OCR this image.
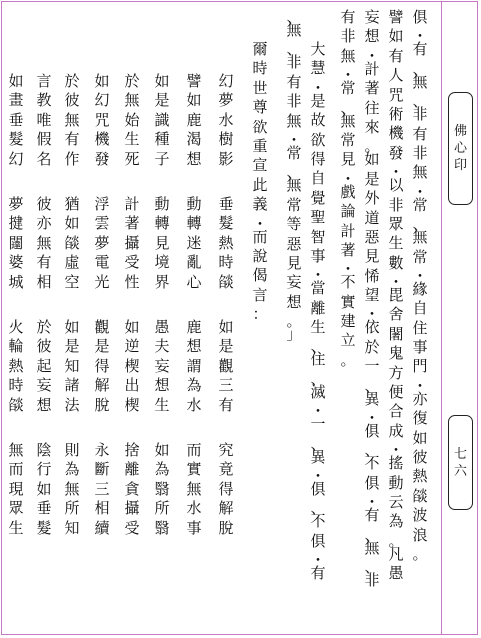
佛
心
印
七
六
俱
・
有
、
無
、
非
有
非
無
・
常
、
無
常
・
緣
自
住
事
門
・
亦
復
如
彼
熱
燄
波
浪
。
譬
如
有
人
咒
術
機
發
・
以
非
眾
生
數
・
毘
舍
闍
鬼
方
便
合
成
・
搖
動
云
為
。
凡
愚
妄
想
・
計
著
往
來
。
如
是
外
道
惡
見
悕
望
・
依
於
一
、
異
・
俱
、
不
俱
・
有
、
無
、
非
有
非
無
・
常
、
無
常
見
・
戲
論
計
著
・
不
實
建
立
。
大
慧
・
是
故
欲
得
自
覺
聖
智
事
・
當
離
生
、
住
、
滅
・
一
、
異
・
俱
、
不
俱
・
有
、
無
、
非
有
非
無
・
常
、
無
常
等
惡
見
妄
想
。
」
爾
時
世
尊
欲
重
宣
此
義
・
而
說
偈
言
：
幻
夢
水
樹
影
垂
髮
熱
時
燄
如
是
觀
三
有
究
竟
得
解
脫
譬
如
鹿
渴
想
動
轉
迷
亂
心
鹿
想
謂
為
水
而
實
無
水
事
如
是
識
種
子
動
轉
見
境
界
愚
夫
妄
想
生
如
為
翳
所
翳
於
無
始
生
死
計
著
攝
受
性
如
逆
楔
出
楔
捨
離
貪
攝
受
如
幻
咒
機
發
浮
雲
夢
電
光
觀
是
得
解
脫
永
斷
三
相
續
於
彼
無
有
作
猶
如
燄
虛
空
如
是
知
諸
法
則
為
無
所
知
言
教
唯
假
名
彼
亦
無
有
相
於
彼
起
妄
想
陰
行
如
垂
髮
如
畫
垂
髮
幻
夢
揵
闥
婆
城
火
輪
熱
時
燄
無
而
現
眾
生
